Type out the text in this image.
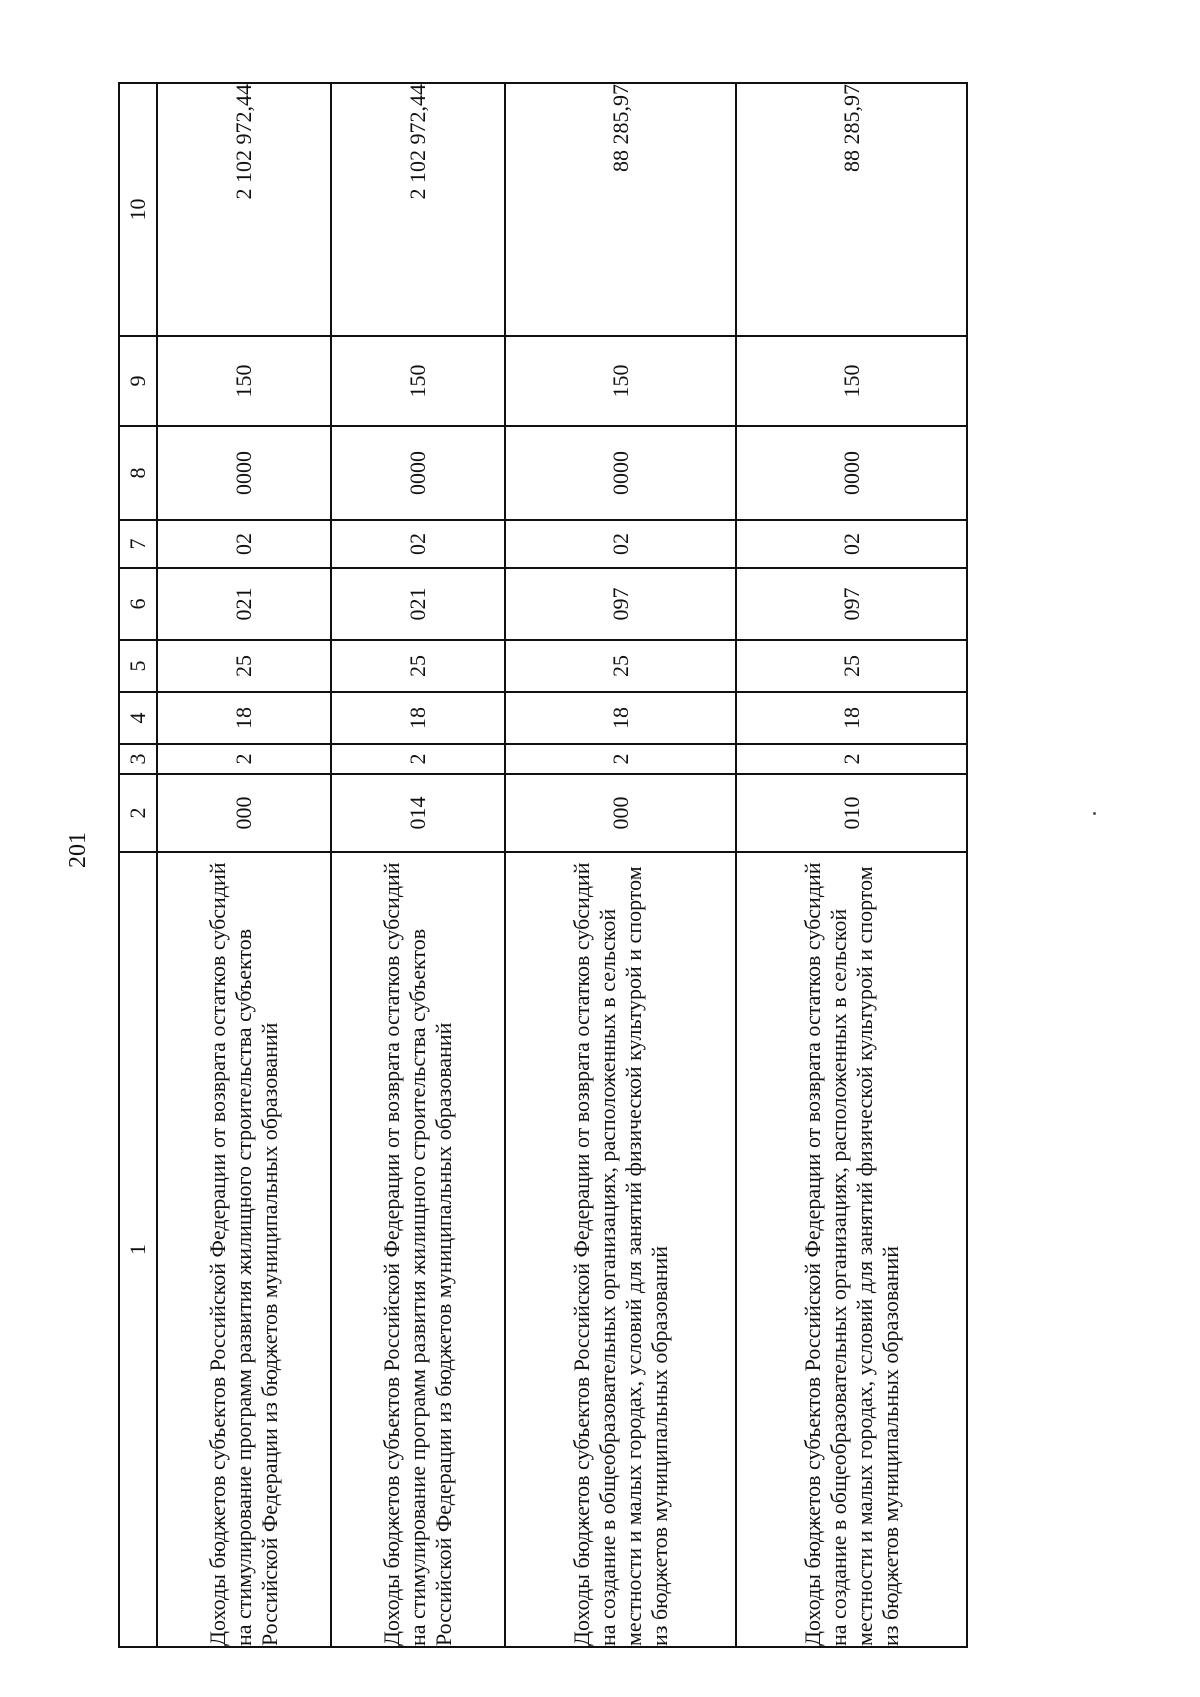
201
1	2	3	4	5	6	7	8	9	10
Доходы бюджетов субъектов Российской Федерации от возврата остатков субсидий на стимулирование программ развития жилищного строительства субъектов Российской Федерации из бюджетов муниципальных образований	000	2	18	25	021	02	0000	150	2 102 972,44
Доходы бюджетов субъектов Российской Федерации от возврата остатков субсидий на стимулирование программ развития жилищного строительства субъектов Российской Федерации из бюджетов муниципальных образований	014	2	18	25	021	02	0000	150	2 102 972,44
Доходы бюджетов субъектов Российской Федерации от возврата остатков субсидий на создание в общеобразовательных организациях, расположенных в сельской местности и малых городах, условий для занятий физической культурой и спортом из бюджетов муниципальных образований	000	2	18	25	097	02	0000	150	88 285,97
Доходы бюджетов субъектов Российской Федерации от возврата остатков субсидий на создание в общеобразовательных организациях, расположенных в сельской местности и малых городах, условий для занятий физической культурой и спортом из бюджетов муниципальных образований	010	2	18	25	097	02	0000	150	88 285,97
